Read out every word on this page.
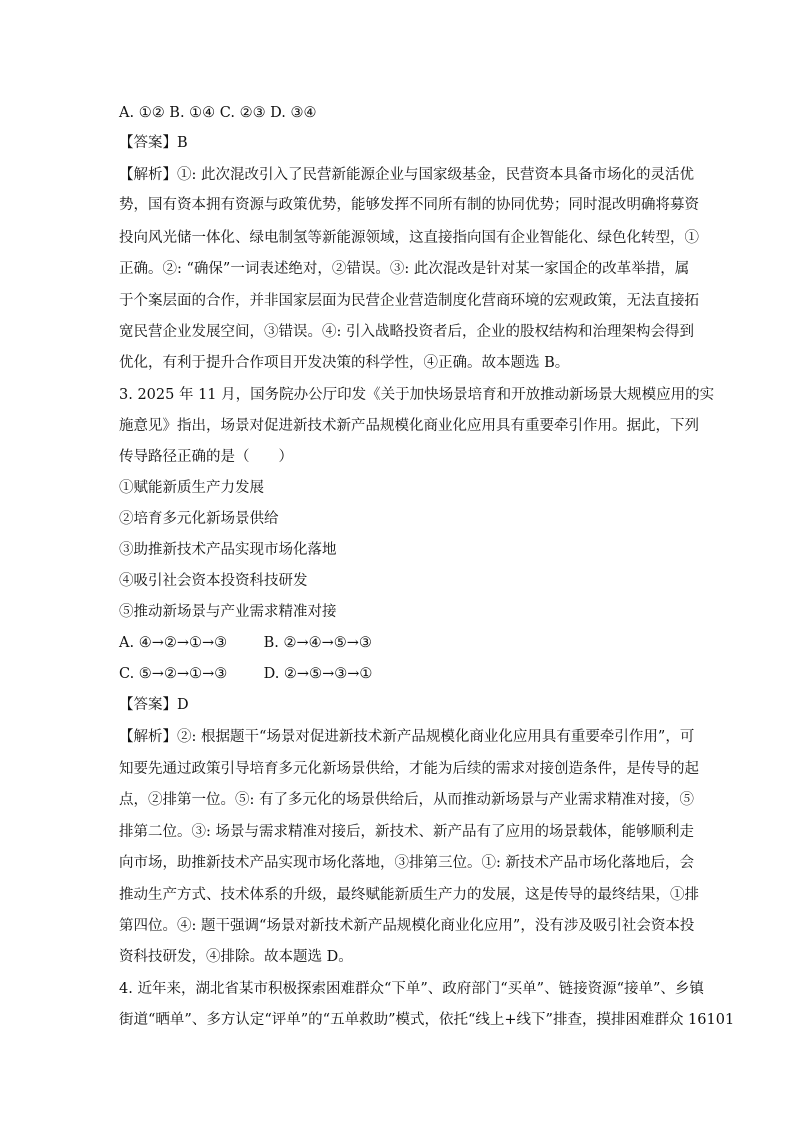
A. ①② B. ①④ C. ②③ D. ③④
【答案】B
【解析】①: 此次混改引入了民营新能源企业与国家级基金，民营资本具备市场化的灵活优
势，国有资本拥有资源与政策优势，能够发挥不同所有制的协同优势；同时混改明确将募资
投向风光储一体化、绿电制氢等新能源领域，这直接指向国有企业智能化、绿色化转型，①
正确。②: “确保”一词表述绝对，②错误。③: 此次混改是针对某一家国企的改革举措，属
于个案层面的合作，并非国家层面为民营企业营造制度化营商环境的宏观政策，无法直接拓
宽民营企业发展空间，③错误。④: 引入战略投资者后，企业的股权结构和治理架构会得到
优化，有利于提升合作项目开发决策的科学性，④正确。故本题选 B。
3. 2025 年 11 月，国务院办公厅印发《关于加快场景培育和开放推动新场景大规模应用的实
施意见》指出，场景对促进新技术新产品规模化商业化应用具有重要牵引作用。据此，下列
传导路径正确的是（　　）
①赋能新质生产力发展
②培育多元化新场景供给
③助推新技术产品实现市场化落地
④吸引社会资本投资科技研发
⑤推动新场景与产业需求精准对接
A. ④→②→①→③	B. ②→④→⑤→③
C. ⑤→②→①→③	D. ②→⑤→③→①
【答案】D
【解析】②: 根据题干“场景对促进新技术新产品规模化商业化应用具有重要牵引作用”，可
知要先通过政策引导培育多元化新场景供给，才能为后续的需求对接创造条件，是传导的起
点，②排第一位。⑤: 有了多元化的场景供给后，从而推动新场景与产业需求精准对接，⑤
排第二位。③: 场景与需求精准对接后，新技术、新产品有了应用的场景载体，能够顺利走
向市场，助推新技术产品实现市场化落地，③排第三位。①: 新技术产品市场化落地后，会
推动生产方式、技术体系的升级，最终赋能新质生产力的发展，这是传导的最终结果，①排
第四位。④: 题干强调“场景对新技术新产品规模化商业化应用”，没有涉及吸引社会资本投
资科技研发，④排除。故本题选 D。
4. 近年来，湖北省某市积极探索困难群众“下单”、政府部门“买单”、链接资源“接单”、乡镇
街道“晒单”、多方认定“评单”的“五单救助”模式，依托“线上+线下”排查，摸排困难群众 16101
